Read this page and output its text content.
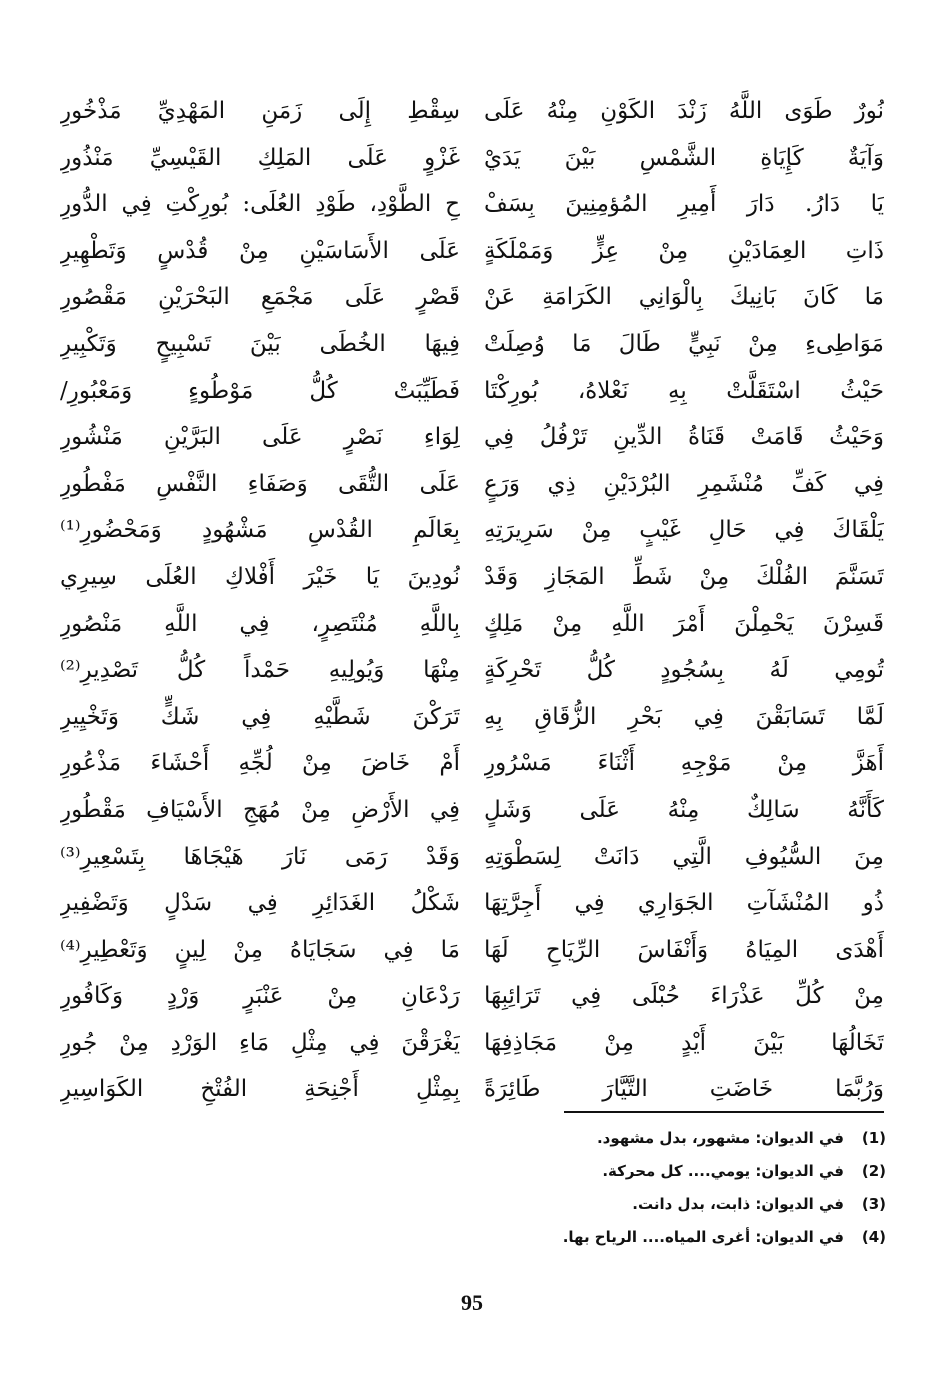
نُورٌ طَوَى اللَّهُ زَنْدَ الكَوْنِ مِنْهُ عَلَى
وَآيَةٌ كَإِيَاةِ الشَّمْسِ بَيْنَ يَدَيْ
يَا دَارُ. دَارَ أَمِيرِ المُؤمِنِينَ بِسَفْ
ذَاتِ العِمَادَيْنِ مِنْ عِزٍّ وَمَمْلَكَةٍ
مَا كَانَ بَانِيكَ بِالْوَانِي الكَرَامَةِ عَنْ
مَوَاطِىءِ مِنْ نَبِيٍّ طَالَ مَا وُصِلَتْ
حَيْثُ اسْتَقَلَّتْ بِهِ نَعْلاهُ، بُورِكْتَا
وَحَيْثُ قَامَتْ قَنَاةُ الدِّينِ تَرْفُلُ فِي
فِي كَفِّ مُنْشَمِرِ البُرْدَيْنِ ذِي وَرَعٍ
يَلْقَاكَ فِي حَالِ غَيْبٍ مِنْ سَرِيرَتِهِ
تَسَنَّمَ الفُلْكَ مِنْ شَطِّ المَجَازِ وَقَدْ
قَسِرْنَ يَحْمِلْنَ أَمْرَ اللَّهِ مِنْ مَلِكٍ
تُومِي لَهُ بِسُجُودٍ كُلُّ تَحْرِكَةٍ
لَمَّا تَسَابَقْنَ فِي بَحْرِ الزُّقَاقِ بِهِ
أَهَزَّ مِنْ مَوْجِهِ أَثْنَاءَ مَسْرُورِ
كَأَنَّهُ سَالِكٌ مِنْهُ عَلَى وَشَلٍ
مِنَ السُّيُوفِ الَّتِي دَانَتْ لِسَطْوَتِهِ
ذُو المُنْشَآتِ الجَوَارِي فِي أَجِرَّتِهَا
أَهْدَى المِيَاهُ وَأَنْفَاسَ الرِّيَاحِ لَهَا
مِنْ كُلِّ عَذْرَاءَ حُبْلَى فِي تَرَائِبِهَا
تَخَالُهَا بَيْنَ أَيْدٍ مِنْ مَجَاذِفِهَا
وَرُبَّمَا خَاضَتِ التَّيَّارَ طَائِرَةً
سِقْطِ إِلَى زَمَنِ المَهْدِيِّ مَذْخُورِ
غَزْوٍ عَلَى المَلِكِ القَيْسِيِّ مَنْذُورِ
حِ الطَّوْدِ، طَوْدِ العُلَى: بُورِكْتِ فِي الدُّورِ
عَلَى الأَسَاسَيْنِ مِنْ قُدْسٍ وَتَطْهِيرِ
قَصْرٍ عَلَى مَجْمَعِ البَحْرَيْنِ مَقْصُورِ
فِيهَا الخُطَى بَيْنَ تَسْبِيحٍ وَتَكْبِيرِ
فَطَيِّبَتْ كُلُّ مَوْطُوءٍ وَمَعْبُورِ/
لِوَاءِ نَصْرٍ عَلَى البَرَّيْنِ مَنْشُورِ
عَلَى التُّقَى وَصَفَاءِ النَّفْسِ مَفْطُورِ
بِعَالَمِ القُدْسِ مَشْهُودٍ وَمَحْضُورِ⁽¹⁾
نُودِينَ يَا خَيْرَ أَفْلاكِ العُلَى سِيرِي
بِاللَّهِ مُنْتَصِرٍ، فِي اللَّهِ مَنْصُورِ
مِنْهَا وَيُولِيهِ حَمْداً كُلُّ تَصْدِيرِ⁽²⁾
تَرَكْنَ شَطَّيْهِ فِي شَكٍّ وَتَخْيِيرِ
أَمْ خَاضَ مِنْ لُجِّهِ أَحْشَاءَ مَذْعُورِ
فِي الأَرْضِ مِنْ مُهَجِ الأَسْيَافِ مَقْطُورِ
وَقَدْ رَمَى نَارَ هَيْجَاهَا بِتَسْعِيرِ⁽³⁾
شَكْلُ الغَدَائِرِ فِي سَدْلٍ وَتَضْفِيرِ
مَا فِي سَجَايَاهُ مِنْ لِينٍ وَتَعْطِيرِ⁽⁴⁾
رَدْعَانِ مِنْ عَنْبَرٍ وَرْدٍ وَكَافُورِ
يَغْرَقْنَ فِي مِثْلِ مَاءِ الوَرْدِ مِنْ جُورِ
بِمِثْلِ أَجْنِحَةِ الفُتْخِ الكَوَاسِيرِ
(1)
في الديوان: مشهور، بدل مشهود.
(2)
في الديوان: يومي.... كل محركة.
(3)
في الديوان: ذابت، بدل دانت.
(4)
في الديوان: أغرى المياه.... الرياح بها.
95
